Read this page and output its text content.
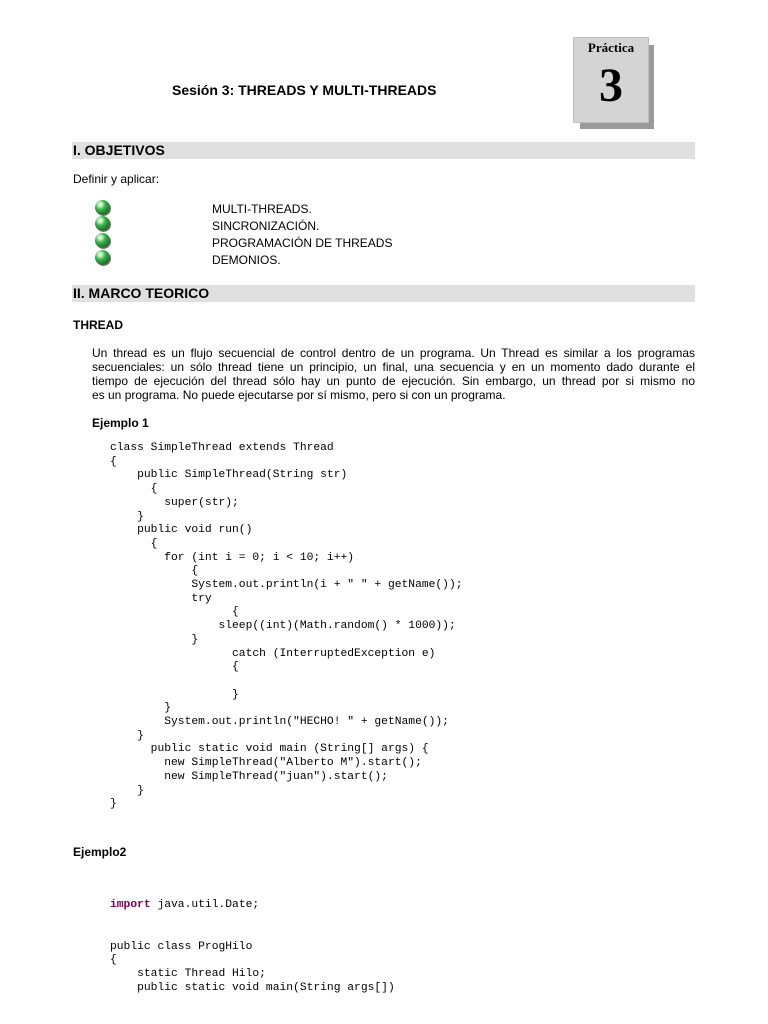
Práctica
3
Sesión 3: THREADS Y MULTI-THREADS
I. OBJETIVOS
Definir y aplicar:
MULTI-THREADS.
SINCRONIZACIÓN.
PROGRAMACIÓN DE THREADS
DEMONIOS.
II. MARCO TEORICO
THREAD
Un thread es un flujo secuencial de control dentro de un programa. Un Thread es similar a los programas
secuenciales: un sólo thread tiene un principio, un final, una secuencia y en un momento dado durante el
tiempo de ejecución del thread sólo hay un punto de ejecución. Sin embargo, un thread por si mismo no
es un programa. No puede ejecutarse por sí mismo, pero si con un programa.
Ejemplo 1
class SimpleThread extends Thread
{
public SimpleThread(String str)
{
super(str);
}
public void run()
{
for (int i = 0; i < 10; i++)
{
System.out.println(i + " " + getName());
try
{
sleep((int)(Math.random() * 1000));
}
catch (InterruptedException e)
{

}
}
System.out.println("HECHO! " + getName());
}
public static void main (String[] args) {
new SimpleThread("Alberto M").start();
new SimpleThread("juan").start();
}
}
Ejemplo2

import java.util.Date;

public class ProgHilo
{
static Thread Hilo;
public static void main(String args[])
